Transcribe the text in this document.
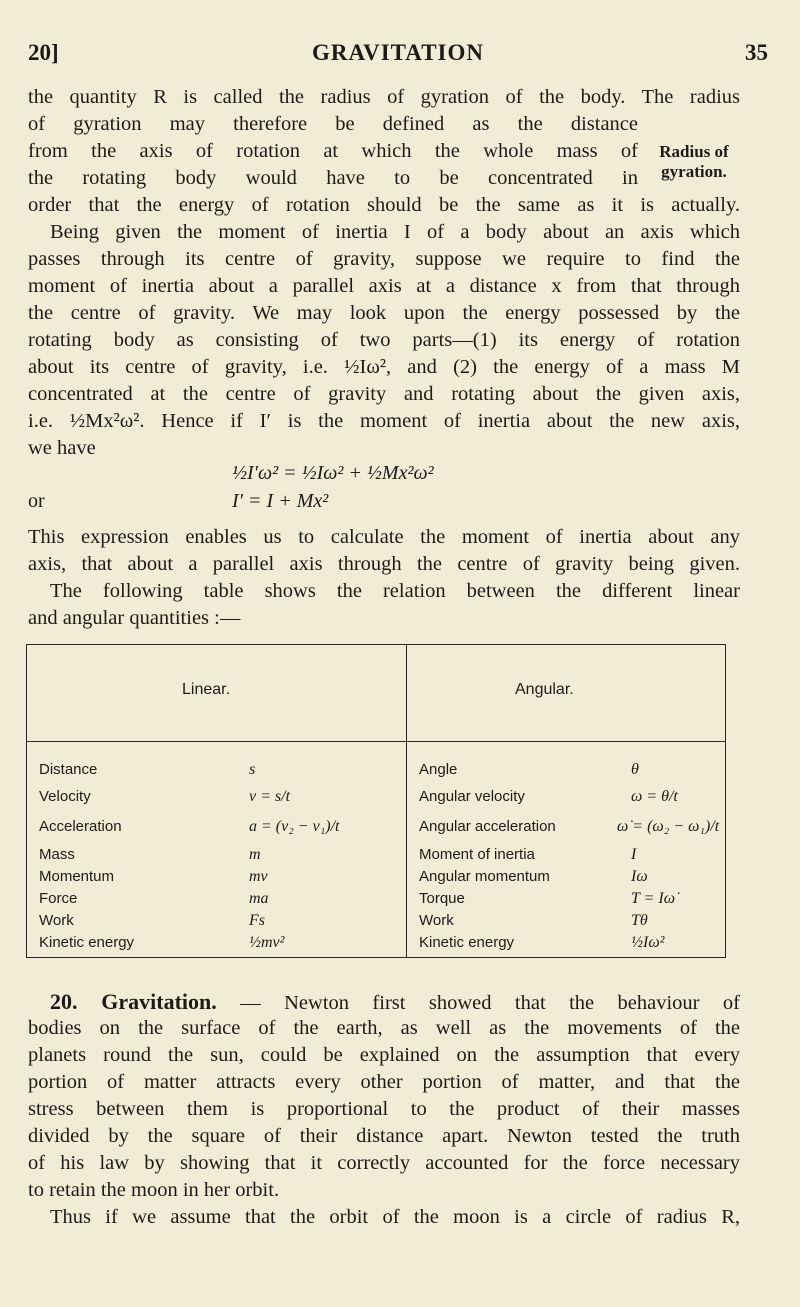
20]	GRAVITATION	35
Radius of gyration.
the quantity R is called the radius of gyration of the body. The radius
of gyration may therefore be defined as the distance
from the axis of rotation at which the whole mass of
the rotating body would have to be concentrated in
order that the energy of rotation should be the same as it is actually.
Being given the moment of inertia I of a body about an axis which
passes through its centre of gravity, suppose we require to find the
moment of inertia about a parallel axis at a distance x from that through
the centre of gravity. We may look upon the energy possessed by the
rotating body as consisting of two parts—(1) its energy of rotation
about its centre of gravity, i.e. ½Iω², and (2) the energy of a mass M
concentrated at the centre of gravity and rotating about the given axis,
i.e. ½Mx²ω². Hence if I′ is the moment of inertia about the new axis,
we have
½I′ω² = ½Iω² + ½Mx²ω²
or	I′ = I + Mx²
This expression enables us to calculate the moment of inertia about any
axis, that about a parallel axis through the centre of gravity being given.
The following table shows the relation between the different linear
and angular quantities :—
Linear.	Angular.
Distance	s	Angle	θ
Velocity	v = s/t	Angular velocity	ω = θ/t
Acceleration	a = (v₂ − v₁)/t	Angular acceleration	ω̇ = (ω₂ − ω₁)/t
Mass	m	Moment of inertia	I
Momentum	mv	Angular momentum	Iω
Force	ma	Torque	T = Iω̇
Work	Fs	Work	Tθ
Kinetic energy	½mv²	Kinetic energy	½Iω²
20. Gravitation. — Newton first showed that the behaviour of
bodies on the surface of the earth, as well as the movements of the
planets round the sun, could be explained on the assumption that every
portion of matter attracts every other portion of matter, and that the
stress between them is proportional to the product of their masses
divided by the square of their distance apart. Newton tested the truth
of his law by showing that it correctly accounted for the force necessary
to retain the moon in her orbit.
Thus if we assume that the orbit of the moon is a circle of radius R,
